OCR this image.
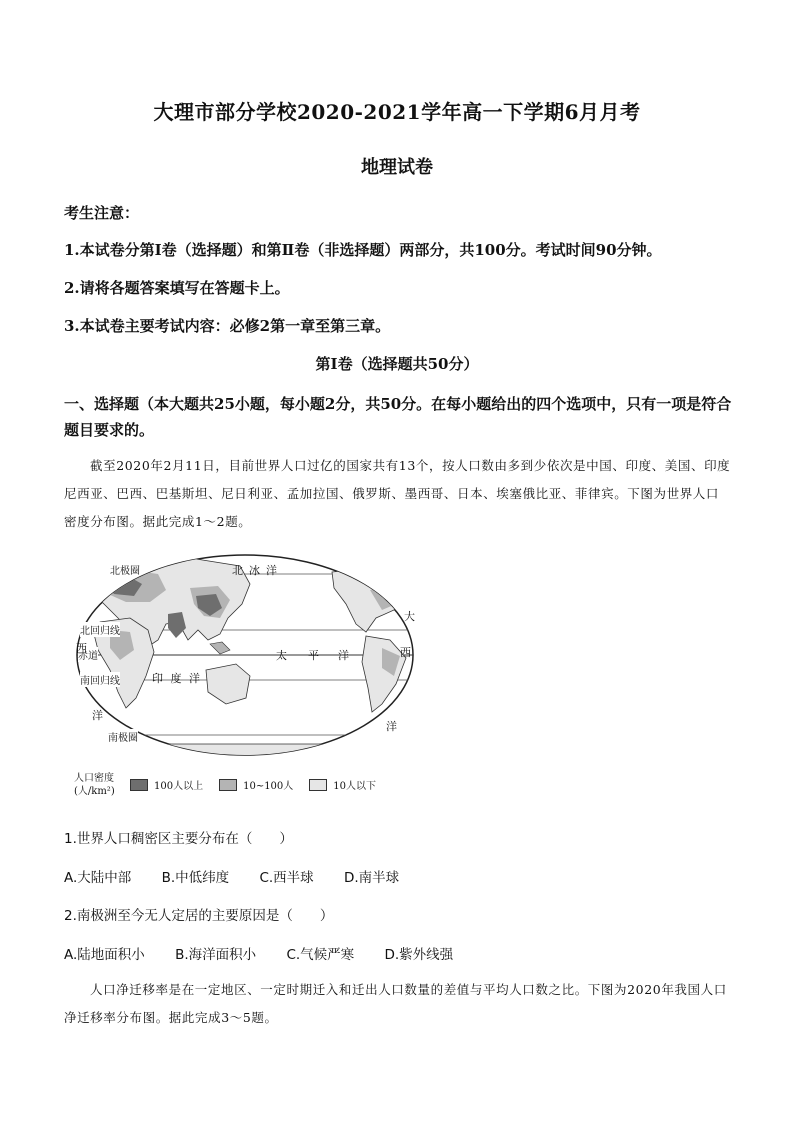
大理市部分学校2020-2021学年高一下学期6月月考
地理试卷
考生注意：
1.本试卷分第Ⅰ卷（选择题）和第Ⅱ卷（非选择题）两部分，共100分。考试时间90分钟。
2.请将各题答案填写在答题卡上。
3.本试卷主要考试内容：必修2第一章至第三章。
第Ⅰ卷（选择题共50分）
一、选择题（本大题共25小题，每小题2分，共50分。在每小题给出的四个选项中，只有一项是符合题目要求的。
截至2020年2月11日，目前世界人口过亿的国家共有13个，按人口数由多到少依次是中国、印度、美国、印度尼西亚、巴西、巴基斯坦、尼日利亚、孟加拉国、俄罗斯、墨西哥、日本、埃塞俄比亚、菲律宾。下图为世界人口密度分布图。据此完成1～2题。
北极圈	北冰洋
北回归线
赤道
南回归线
南极圈
西
洋
印 度 洋
太 平 洋
大
西
洋
人口密度
(人/km²)	100人以上	10~100人	10人以下
1.世界人口稠密区主要分布在（　　）
A.大陆中部 B.中低纬度 C.西半球 D.南半球
2.南极洲至今无人定居的主要原因是（　　）
A.陆地面积小 B.海洋面积小 C.气候严寒 D.紫外线强
人口净迁移率是在一定地区、一定时期迁入和迁出人口数量的差值与平均人口数之比。下图为2020年我国人口净迁移率分布图。据此完成3～5题。
